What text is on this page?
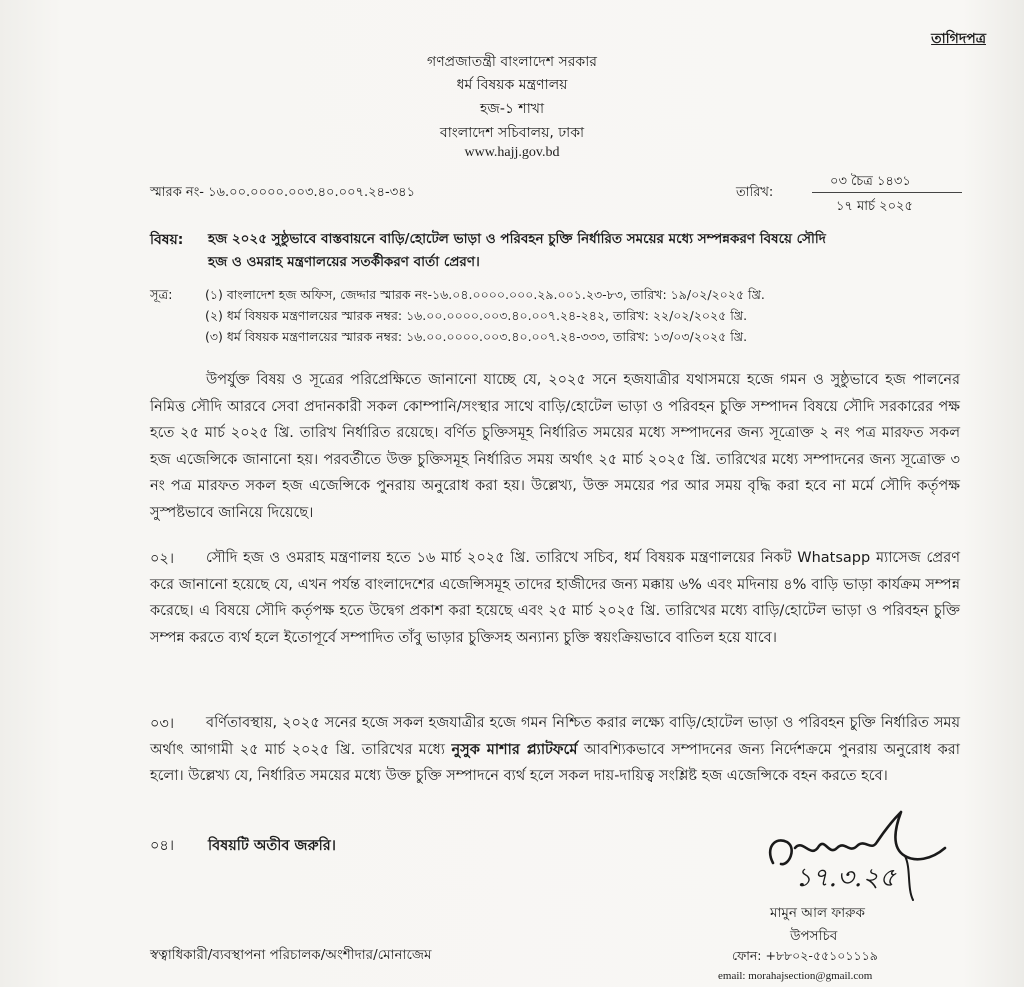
তাগিদপত্র
গণপ্রজাতন্ত্রী বাংলাদেশ সরকার
ধর্ম বিষয়ক মন্ত্রণালয়
হজ-১ শাখা
বাংলাদেশ সচিবালয়, ঢাকা
www.hajj.gov.bd
স্মারক নং- ১৬.০০.০০০০.০০৩.৪০.০০৭.২৪-৩৪১	তারিখ:
০৩ চৈত্র ১৪৩১
১৭ মার্চ ২০২৫
বিষয়: হজ ২০২৫ সুষ্ঠুভাবে বাস্তবায়নে বাড়ি/হোটেল ভাড়া ও পরিবহন চুক্তি নির্ধারিত সময়ের মধ্যে সম্পন্নকরণ বিষয়ে সৌদি
হজ ও ওমরাহ মন্ত্রণালয়ের সতর্কীকরণ বার্তা প্রেরণ।
সূত্র:	(১) বাংলাদেশ হজ অফিস, জেদ্দার স্মারক নং-১৬.০৪.০০০০.০০০.২৯.০০১.২৩-৮৩, তারিখ: ১৯/০২/২০২৫ খ্রি.
(২) ধর্ম বিষয়ক মন্ত্রণালয়ের স্মারক নম্বর: ১৬.০০.০০০০.০০৩.৪০.০০৭.২৪-২৪২, তারিখ: ২২/০২/২০২৫ খ্রি.
(৩) ধর্ম বিষয়ক মন্ত্রণালয়ের স্মারক নম্বর: ১৬.০০.০০০০.০০৩.৪০.০০৭.২৪-৩৩৩, তারিখ: ১৩/০৩/২০২৫ খ্রি.

উপর্যুক্ত বিষয় ও সূত্রের পরিপ্রেক্ষিতে জানানো যাচ্ছে যে, ২০২৫ সনে হজযাত্রীর যথাসময়ে হজে গমন ও সুষ্ঠুভাবে হজ পালনের নিমিত্ত সৌদি আরবে সেবা প্রদানকারী সকল কোম্পানি/সংস্থার সাথে বাড়ি/হোটেল ভাড়া ও পরিবহন চুক্তি সম্পাদন বিষয়ে সৌদি সরকারের পক্ষ হতে ২৫ মার্চ ২০২৫ খ্রি. তারিখ নির্ধারিত রয়েছে। বর্ণিত চুক্তিসমূহ নির্ধারিত সময়ের মধ্যে সম্পাদনের জন্য সূত্রোক্ত ২ নং পত্র মারফত সকল হজ এজেন্সিকে জানানো হয়। পরবর্তীতে উক্ত চুক্তিসমূহ নির্ধারিত সময় অর্থাৎ ২৫ মার্চ ২০২৫ খ্রি. তারিখের মধ্যে সম্পাদনের জন্য সূত্রোক্ত ৩ নং পত্র মারফত সকল হজ এজেন্সিকে পুনরায় অনুরোধ করা হয়। উল্লেখ্য, উক্ত সময়ের পর আর সময় বৃদ্ধি করা হবে না মর্মে সৌদি কর্তৃপক্ষ সুস্পষ্টভাবে জানিয়ে দিয়েছে।

০২।	সৌদি হজ ও ওমরাহ মন্ত্রণালয় হতে ১৬ মার্চ ২০২৫ খ্রি. তারিখে সচিব, ধর্ম বিষয়ক মন্ত্রণালয়ের নিকট Whatsapp ম্যাসেজ প্রেরণ করে জানানো হয়েছে যে, এখন পর্যন্ত বাংলাদেশের এজেন্সিসমূহ তাদের হাজীদের জন্য মক্কায় ৬% এবং মদিনায় ৪% বাড়ি ভাড়া কার্যক্রম সম্পন্ন করেছে। এ বিষয়ে সৌদি কর্তৃপক্ষ হতে উদ্বেগ প্রকাশ করা হয়েছে এবং ২৫ মার্চ ২০২৫ খ্রি. তারিখের মধ্যে বাড়ি/হোটেল ভাড়া ও পরিবহন চুক্তি সম্পন্ন করতে ব্যর্থ হলে ইতোপূর্বে সম্পাদিত তাঁবু ভাড়ার চুক্তিসহ অন্যান্য চুক্তি স্বয়ংক্রিয়ভাবে বাতিল হয়ে যাবে।

০৩।	বর্ণিতাবস্থায়, ২০২৫ সনের হজে সকল হজযাত্রীর হজে গমন নিশ্চিত করার লক্ষ্যে বাড়ি/হোটেল ভাড়া ও পরিবহন চুক্তি নির্ধারিত সময় অর্থাৎ আগামী ২৫ মার্চ ২০২৫ খ্রি. তারিখের মধ্যে নুসুক মাশার প্ল্যাটফর্মে আবশ্যিকভাবে সম্পাদনের জন্য নির্দেশক্রমে পুনরায় অনুরোধ করা হলো। উল্লেখ্য যে, নির্ধারিত সময়ের মধ্যে উক্ত চুক্তি সম্পাদনে ব্যর্থ হলে সকল দায়-দায়িত্ব সংশ্লিষ্ট হজ এজেন্সিকে বহন করতে হবে।

০৪। বিষয়টি অতীব জরুরি।
১৭.৩.২৫
মামুন আল ফারুক
উপসচিব
ফোন: +৮৮০২-৫৫১০১১১৯
email: morahajsection@gmail.com
স্বত্বাধিকারী/ব্যবস্থাপনা পরিচালক/অংশীদার/মোনাজেম
